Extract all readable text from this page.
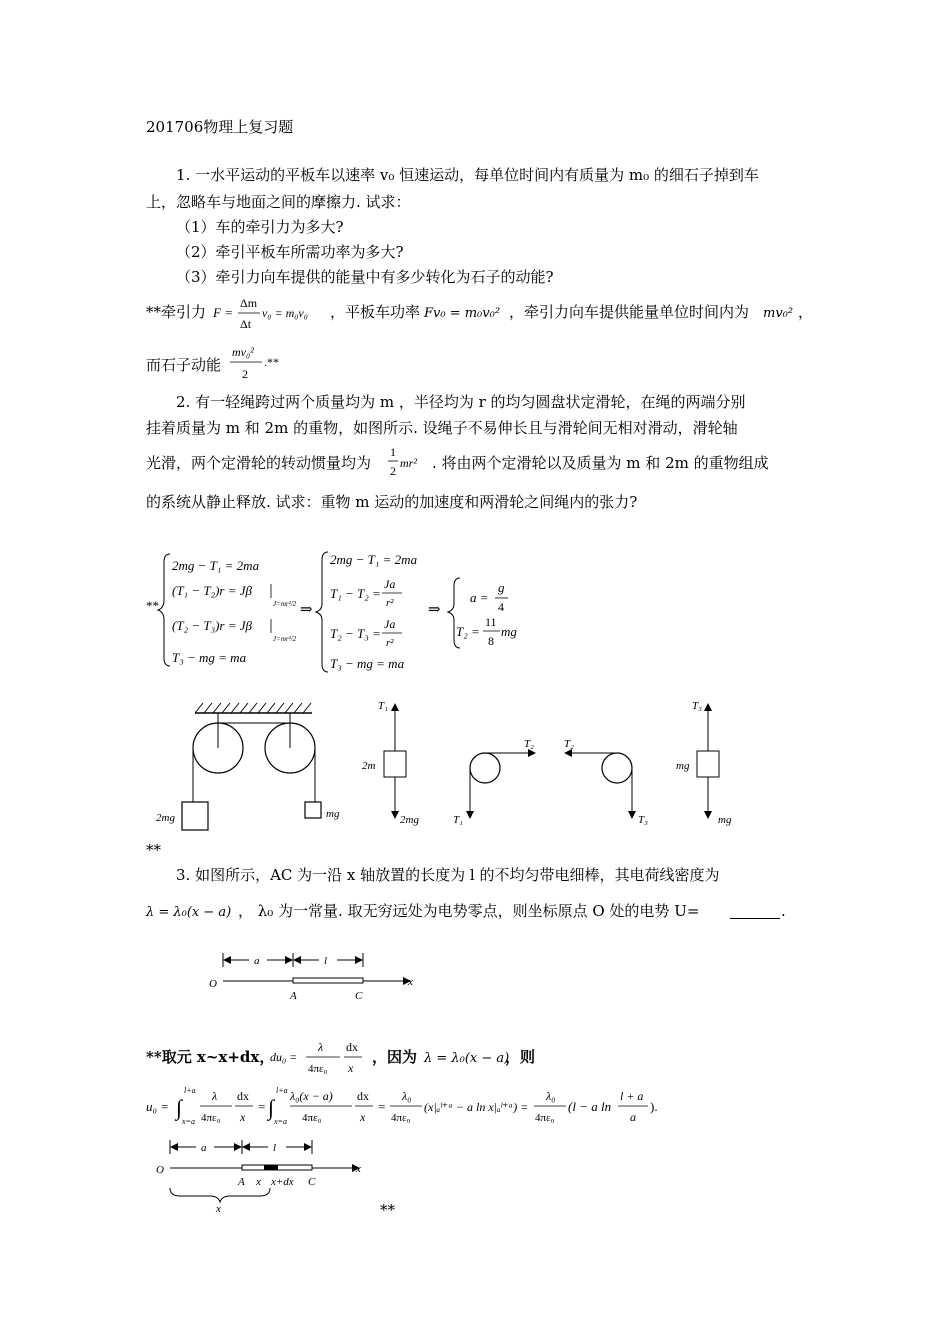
201706物理上复习题
1. 一水平运动的平板车以速率 v₀ 恒速运动，每单位时间内有质量为 m₀ 的细石子掉到车
上，忽略车与地面之间的摩擦力. 试求：
（1）车的牵引力为多大?
（2）牵引平板车所需功率为多大?
（3）牵引力向车提供的能量中有多少转化为石子的动能?
**牵引力 F =
Δm
Δt
v₀ = m₀v₀ ，平板车功率 Fv₀ = m₀v₀² ，牵引力向车提供能量单位时间内为 mv₀² ，
而石子动能
mv₀²
2
.**
2. 有一轻绳跨过两个质量均为 m ，半径均为 r 的均匀圆盘状定滑轮，在绳的两端分别
挂着质量为 m 和 2m 的重物，如图所示. 设绳子不易伸长且与滑轮间无相对滑动，滑轮轴
光滑，两个定滑轮的转动惯量均为
1
2
mr² . 将由两个定滑轮以及质量为 m 和 2m 的重物组成
的系统从静止释放. 试求：重物 m 运动的加速度和两滑轮之间绳内的张力?
**
2mg − T₁ = 2ma
(T₁ − T₂)r = Jβ
J=mr²/2
(T₂ − T₃)r = Jβ
J=mr²/2
T₃ − mg = ma
⇒
2mg − T₁ = 2ma
T₁ − T₂ =
Ja
r²
T₂ − T₃ =
Ja
r²
T₃ − mg = ma
⇒
a =
g
4
T₂ =
11
8
mg
2mg	mg
T₁
2m
2mg
T₂
T₁
T₂
T₃
T₃
mg
mg
**
3. 如图所示，AC 为一沿 x 轴放置的长度为 l 的不均匀带电细棒，其电荷线密度为
λ = λ₀(x − a) ， λ₀ 为一常量. 取无穷远处为电势零点，则坐标原点 O 处的电势 U=	.
a	l
O
A	C
x
**取元 x~x+dx，
du₀ =
λ
4πε₀
dx
x
，因为 λ = λ₀(x − a)
，则
u₀ = ∫
l+a
x=a
λ
4πε₀
dx
x
= ∫
l+a
x=a
λ₀(x − a)
4πε₀
dx
x
=
λ₀
4πε₀
(x|ₐˡ⁺ᵃ − a ln x|ₐˡ⁺ᵃ) =
λ₀
4πε₀
(l − a ln
l + a
a
).
a	l
O
A x x+dx C
x
x	**
